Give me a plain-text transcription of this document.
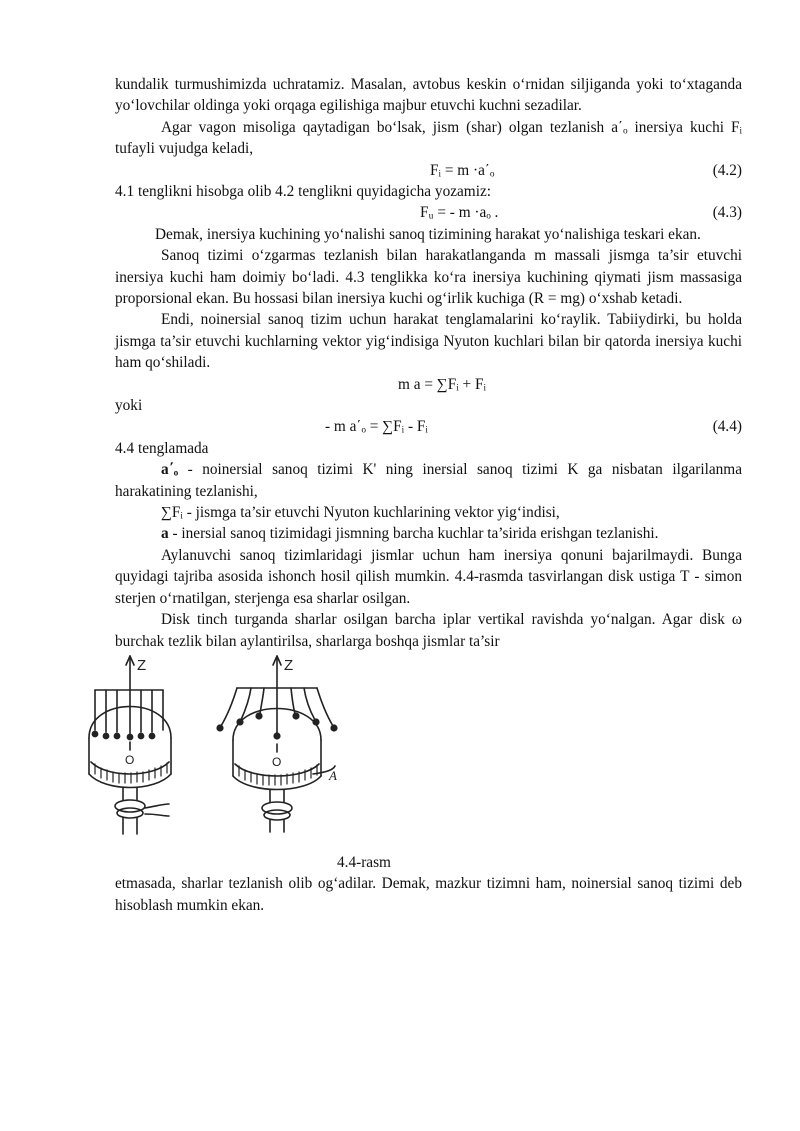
kundalik turmushimizda uchratamiz. Masalan, avtobus keskin o‘rnidan siljiganda yoki to‘xtaganda yo‘lovchilar oldinga yoki orqaga egilishiga majbur etuvchi kuchni sezadilar.

Agar vagon misoliga qaytadigan bo‘lsak, jism (shar) olgan tezlanish a΄ₒ inersiya kuchi Fᵢ tufayli vujudga keladi,

Fᵢ = m ·a΄ₒ	(4.2)

4.1 tenglikni hisobga olib 4.2 tenglikni quyidagicha yozamiz:

Fᵤ = - m ·aₒ .	(4.3)

Demak, inersiya kuchining yo‘nalishi sanoq tizimining harakat yo‘nalishiga teskari ekan.

Sanoq tizimi o‘zgarmas tezlanish bilan harakatlanganda m massali jismga ta’sir etuvchi inersiya kuchi ham doimiy bo‘ladi. 4.3 tenglikka ko‘ra inersiya kuchining qiymati jism massasiga proporsional ekan. Bu hossasi bilan inersiya kuchi og‘irlik kuchiga (R = mg) o‘xshab ketadi.

Endi, noinersial sanoq tizim uchun harakat tenglamalarini ko‘raylik. Tabiiydirki, bu holda jismga ta’sir etuvchi kuchlarning vektor yig‘indisiga Nyuton kuchlari bilan bir qatorda inersiya kuchi ham qo‘shiladi.

m a = ∑Fᵢ + Fᵢ

yoki

- m a΄ₒ = ∑Fᵢ - Fᵢ	(4.4)

4.4 tenglamada

a΄ₒ - noinersial sanoq tizimi K' ning inersial sanoq tizimi K ga nisbatan ilgarilanma harakatining tezlanishi,

∑Fᵢ - jismga ta’sir etuvchi Nyuton kuchlarining vektor yig‘indisi,

a - inersial sanoq tizimidagi jismning barcha kuchlar ta’sirida erishgan tezlanishi.

Aylanuvchi sanoq tizimlaridagi jismlar uchun ham inersiya qonuni bajarilmaydi. Bunga quyidagi tajriba asosida ishonch hosil qilish mumkin. 4.4-rasmda tasvirlangan disk ustiga T - simon sterjen o‘rnatilgan, sterjenga esa sharlar osilgan.

Disk tinch turganda sharlar osilgan barcha iplar vertikal ravishda yo‘nalgan. Agar disk ω burchak tezlik bilan aylantirilsa, sharlarga boshqa jismlar ta’sir

Z
O
Z
O
A

4.4-rasm

etmasada, sharlar tezlanish olib og‘adilar. Demak, mazkur tizimni ham, noinersial sanoq tizimi deb hisoblash mumkin ekan.
